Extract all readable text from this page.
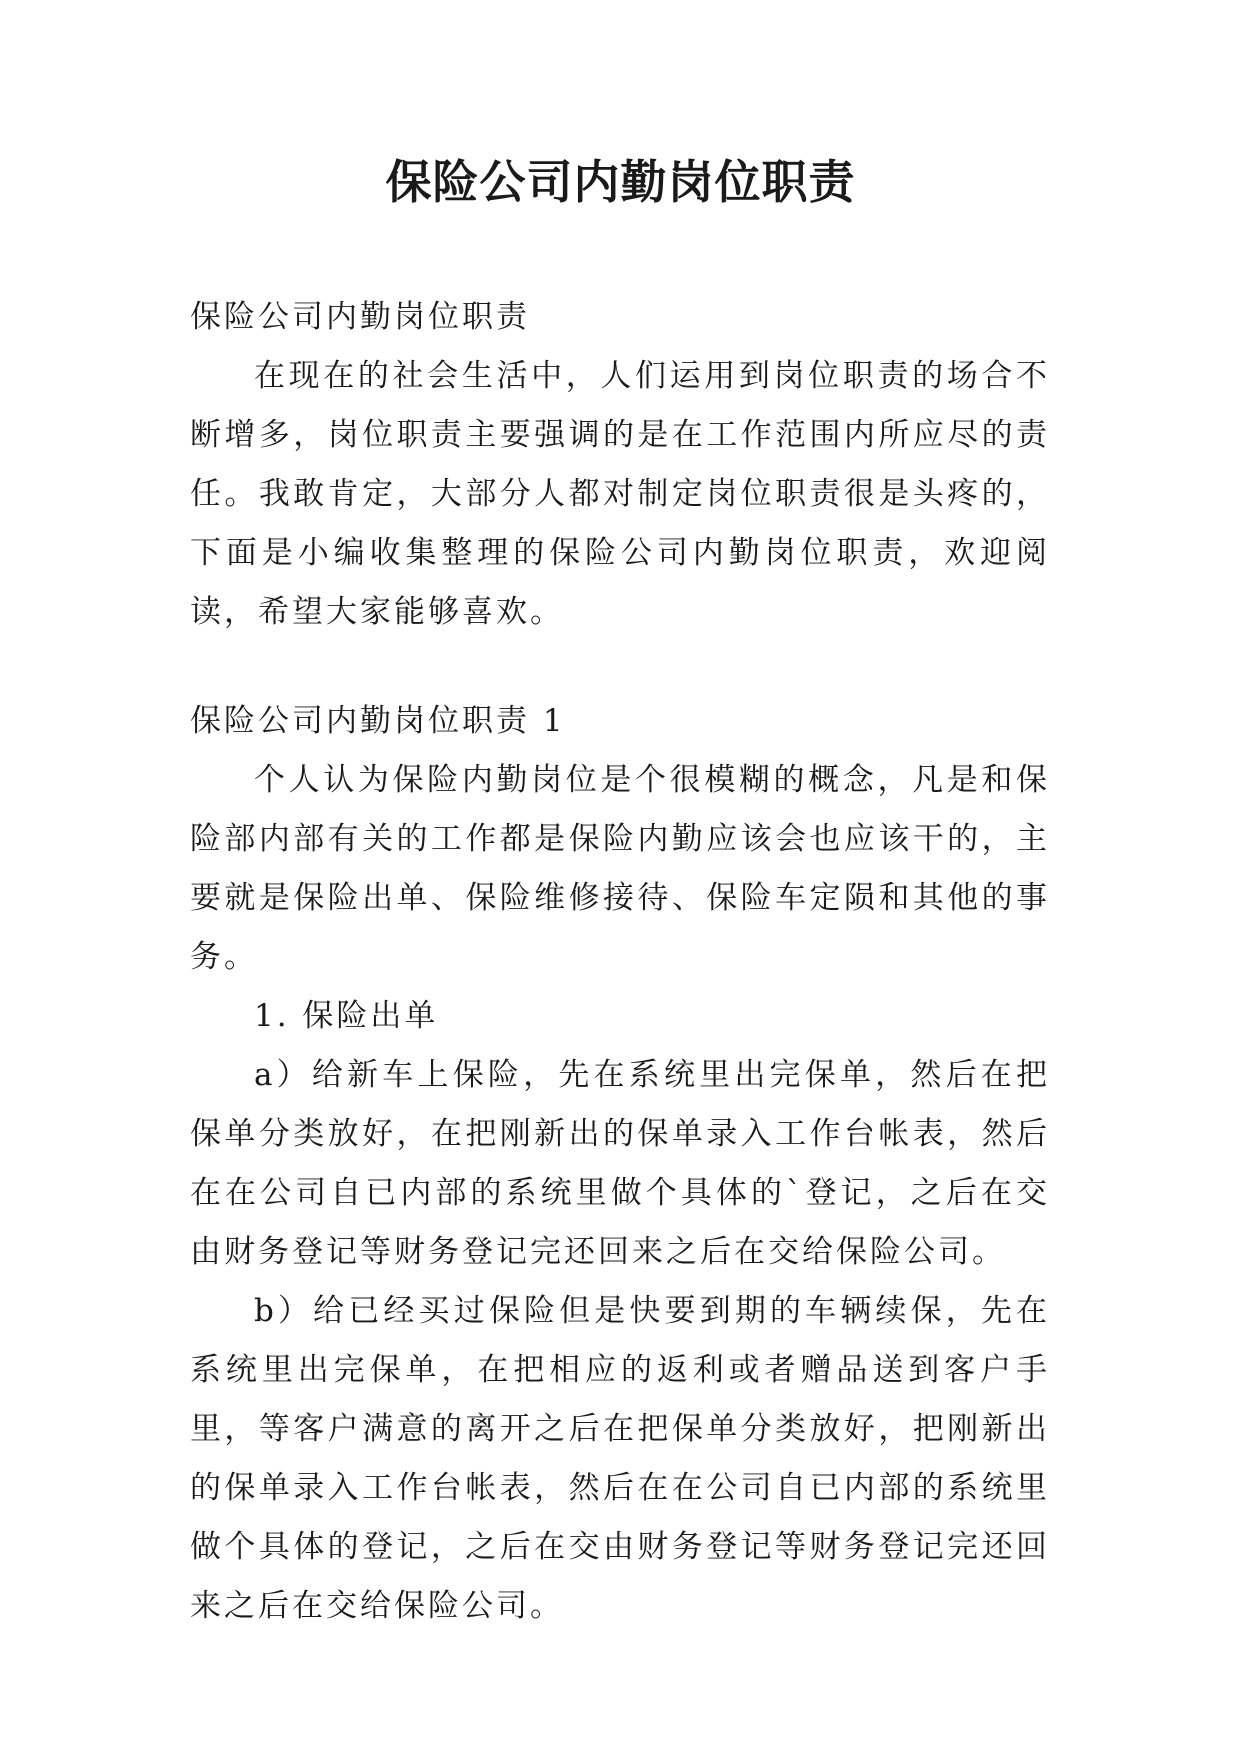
保险公司内勤岗位职责

保险公司内勤岗位职责

在现在的社会生活中，人们运用到岗位职责的场合不断增多，岗位职责主要强调的是在工作范围内所应尽的责任。我敢肯定，大部分人都对制定岗位职责很是头疼的，下面是小编收集整理的保险公司内勤岗位职责，欢迎阅读，希望大家能够喜欢。

保险公司内勤岗位职责 1

个人认为保险内勤岗位是个很模糊的概念，凡是和保险部内部有关的工作都是保险内勤应该会也应该干的，主要就是保险出单、保险维修接待、保险车定陨和其他的事务。

1. 保险出单

a）给新车上保险，先在系统里出完保单，然后在把保单分类放好，在把刚新出的保单录入工作台帐表，然后在在公司自已内部的系统里做个具体的`登记，之后在交由财务登记等财务登记完还回来之后在交给保险公司。

b）给已经买过保险但是快要到期的车辆续保，先在系统里出完保单，在把相应的返利或者赠品送到客户手里，等客户满意的离开之后在把保单分类放好，把刚新出的保单录入工作台帐表，然后在在公司自已内部的系统里做个具体的登记，之后在交由财务登记等财务登记完还回来之后在交给保险公司。
